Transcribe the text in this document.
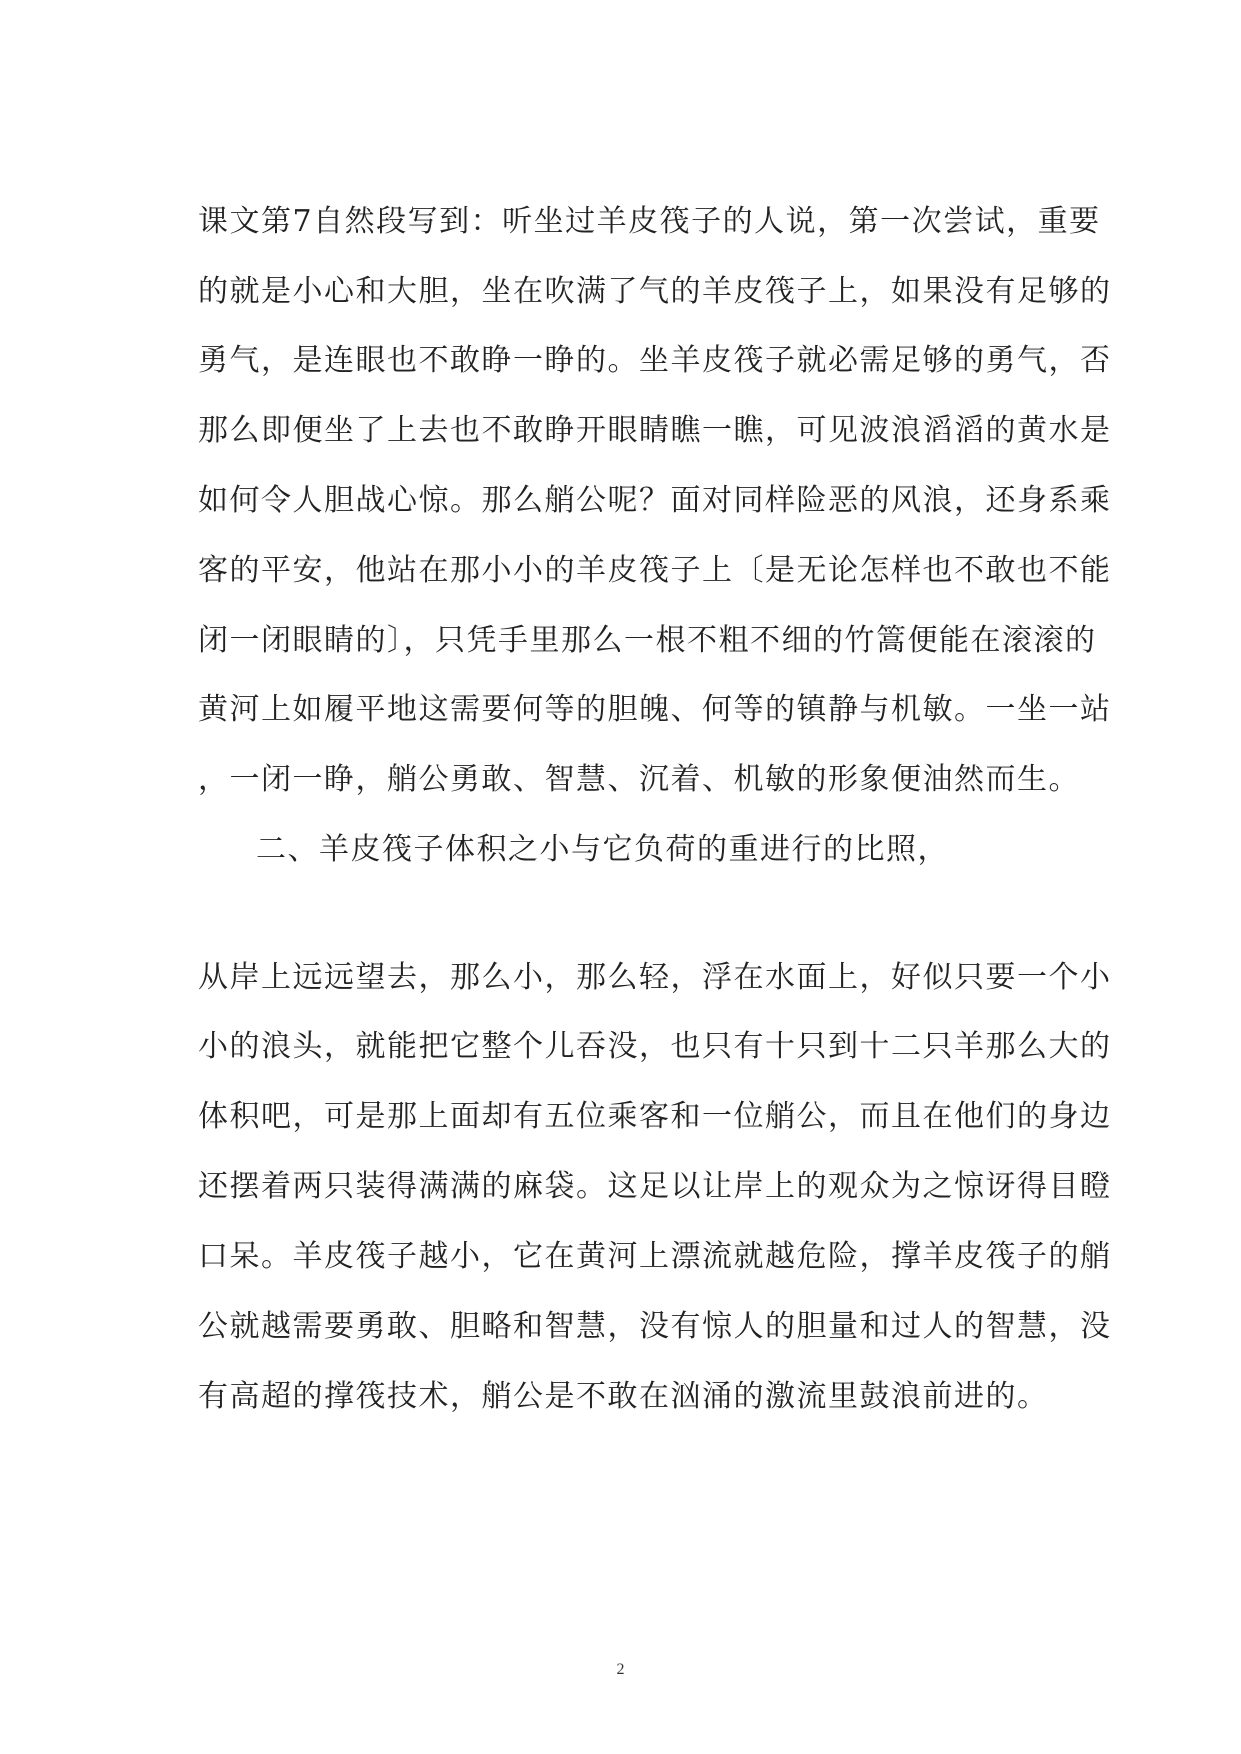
课文第7自然段写到：听坐过羊皮筏子的人说，第一次尝试，重要
的就是小心和大胆，坐在吹满了气的羊皮筏子上，如果没有足够的
勇气，是连眼也不敢睁一睁的。坐羊皮筏子就必需足够的勇气，否
那么即便坐了上去也不敢睁开眼睛瞧一瞧，可见波浪滔滔的黄水是
如何令人胆战心惊。那么艄公呢？面对同样险恶的风浪，还身系乘
客的平安，他站在那小小的羊皮筏子上〔是无论怎样也不敢也不能
闭一闭眼睛的〕，只凭手里那么一根不粗不细的竹篙便能在滚滚的
黄河上如履平地这需要何等的胆魄、何等的镇静与机敏。一坐一站
，一闭一睁，艄公勇敢、智慧、沉着、机敏的形象便油然而生。
二、羊皮筏子体积之小与它负荷的重进行的比照，
从岸上远远望去，那么小，那么轻，浮在水面上，好似只要一个小
小的浪头，就能把它整个儿吞没，也只有十只到十二只羊那么大的
体积吧，可是那上面却有五位乘客和一位艄公，而且在他们的身边
还摆着两只装得满满的麻袋。这足以让岸上的观众为之惊讶得目瞪
口呆。羊皮筏子越小，它在黄河上漂流就越危险，撑羊皮筏子的艄
公就越需要勇敢、胆略和智慧，没有惊人的胆量和过人的智慧，没
有高超的撑筏技术，艄公是不敢在汹涌的激流里鼓浪前进的。
2
